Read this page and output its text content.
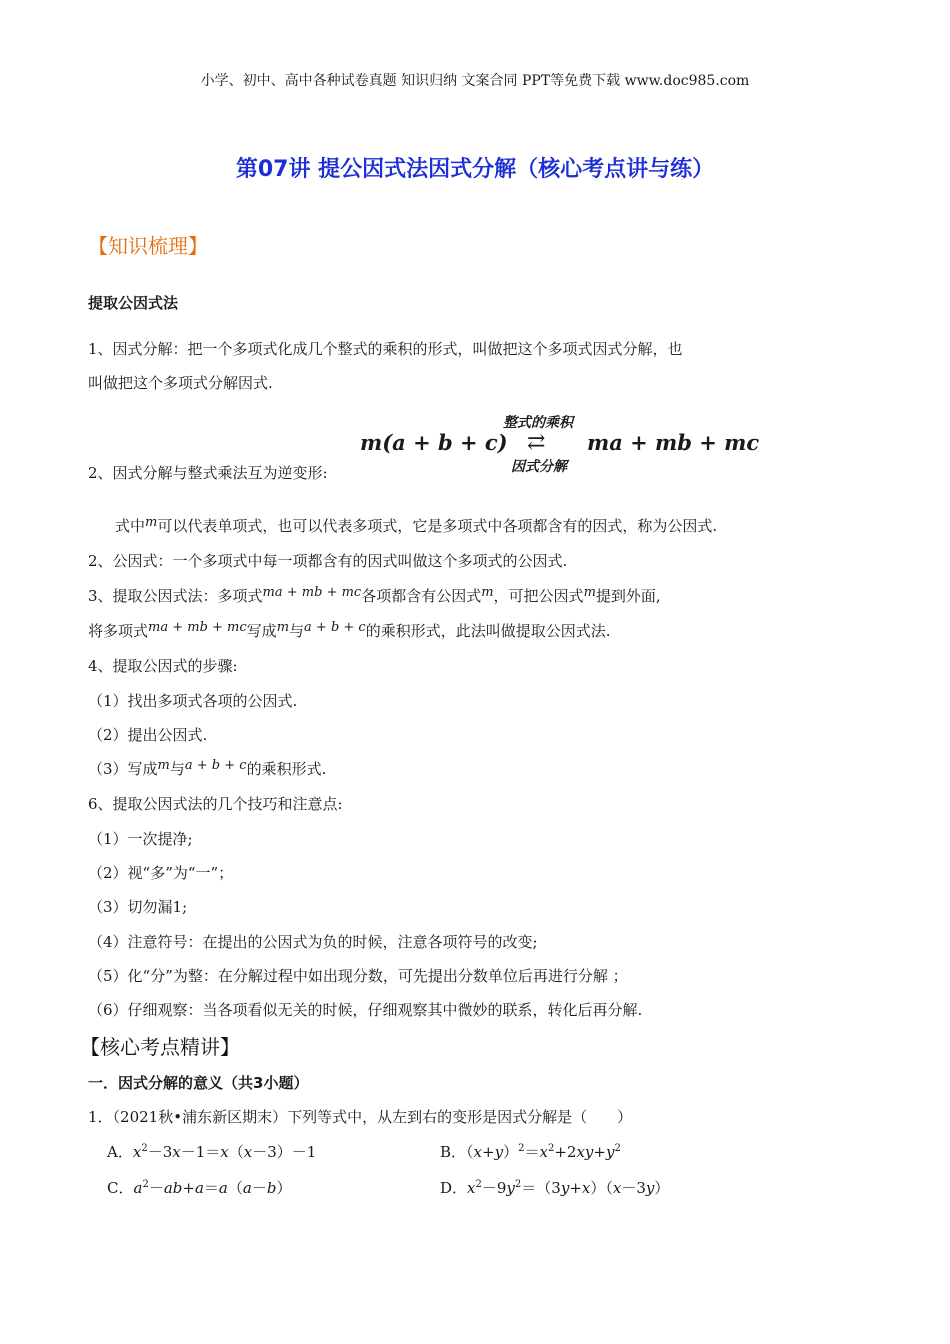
小学、初中、高中各种试卷真题 知识归纳 文案合同 PPT等免费下载 www.doc985.com
第07讲 提公因式法因式分解（核心考点讲与练）
【知识梳理】
提取公因式法
1、因式分解：把一个多项式化成几个整式的乘积的形式，叫做把这个多项式因式分解，也
叫做把这个多项式分解因式.
m(a + b + c)
整式的乘积
⇄
因式分解
ma + mb + mc
2、因式分解与整式乘法互为逆变形:
式中m可以代表单项式，也可以代表多项式，它是多项式中各项都含有的因式，称为公因式.
2、公因式：一个多项式中每一项都含有的因式叫做这个多项式的公因式.
3、提取公因式法：多项式ma + mb + mc各项都含有公因式m，可把公因式m提到外面,
将多项式ma + mb + mc写成m与a + b + c的乘积形式，此法叫做提取公因式法.
4、提取公因式的步骤:
（1）找出多项式各项的公因式.
（2）提出公因式.
（3）写成m与a + b + c的乘积形式.
6、提取公因式法的几个技巧和注意点:
（1）一次提净;
（2）视“多”为“一”；
（3）切勿漏1;
（4）注意符号：在提出的公因式为负的时候，注意各项符号的改变;
（5）化“分”为整：在分解过程中如出现分数，可先提出分数单位后再进行分解 ；
（6）仔细观察：当各项看似无关的时候，仔细观察其中微妙的联系，转化后再分解.
【核心考点精讲】
一．因式分解的意义（共3小题）
1．（2021秋•浦东新区期末）下列等式中，从左到右的变形是因式分解是（　　）
A．$x^2-3x-1=x(x-3)-1$	B．$(x+y)^2=x^2+2xy+y^2$
C．$a^2-ab+a=a(a-b)$	D．$x^2-9y^2=(3y+x)(x-3y)$
